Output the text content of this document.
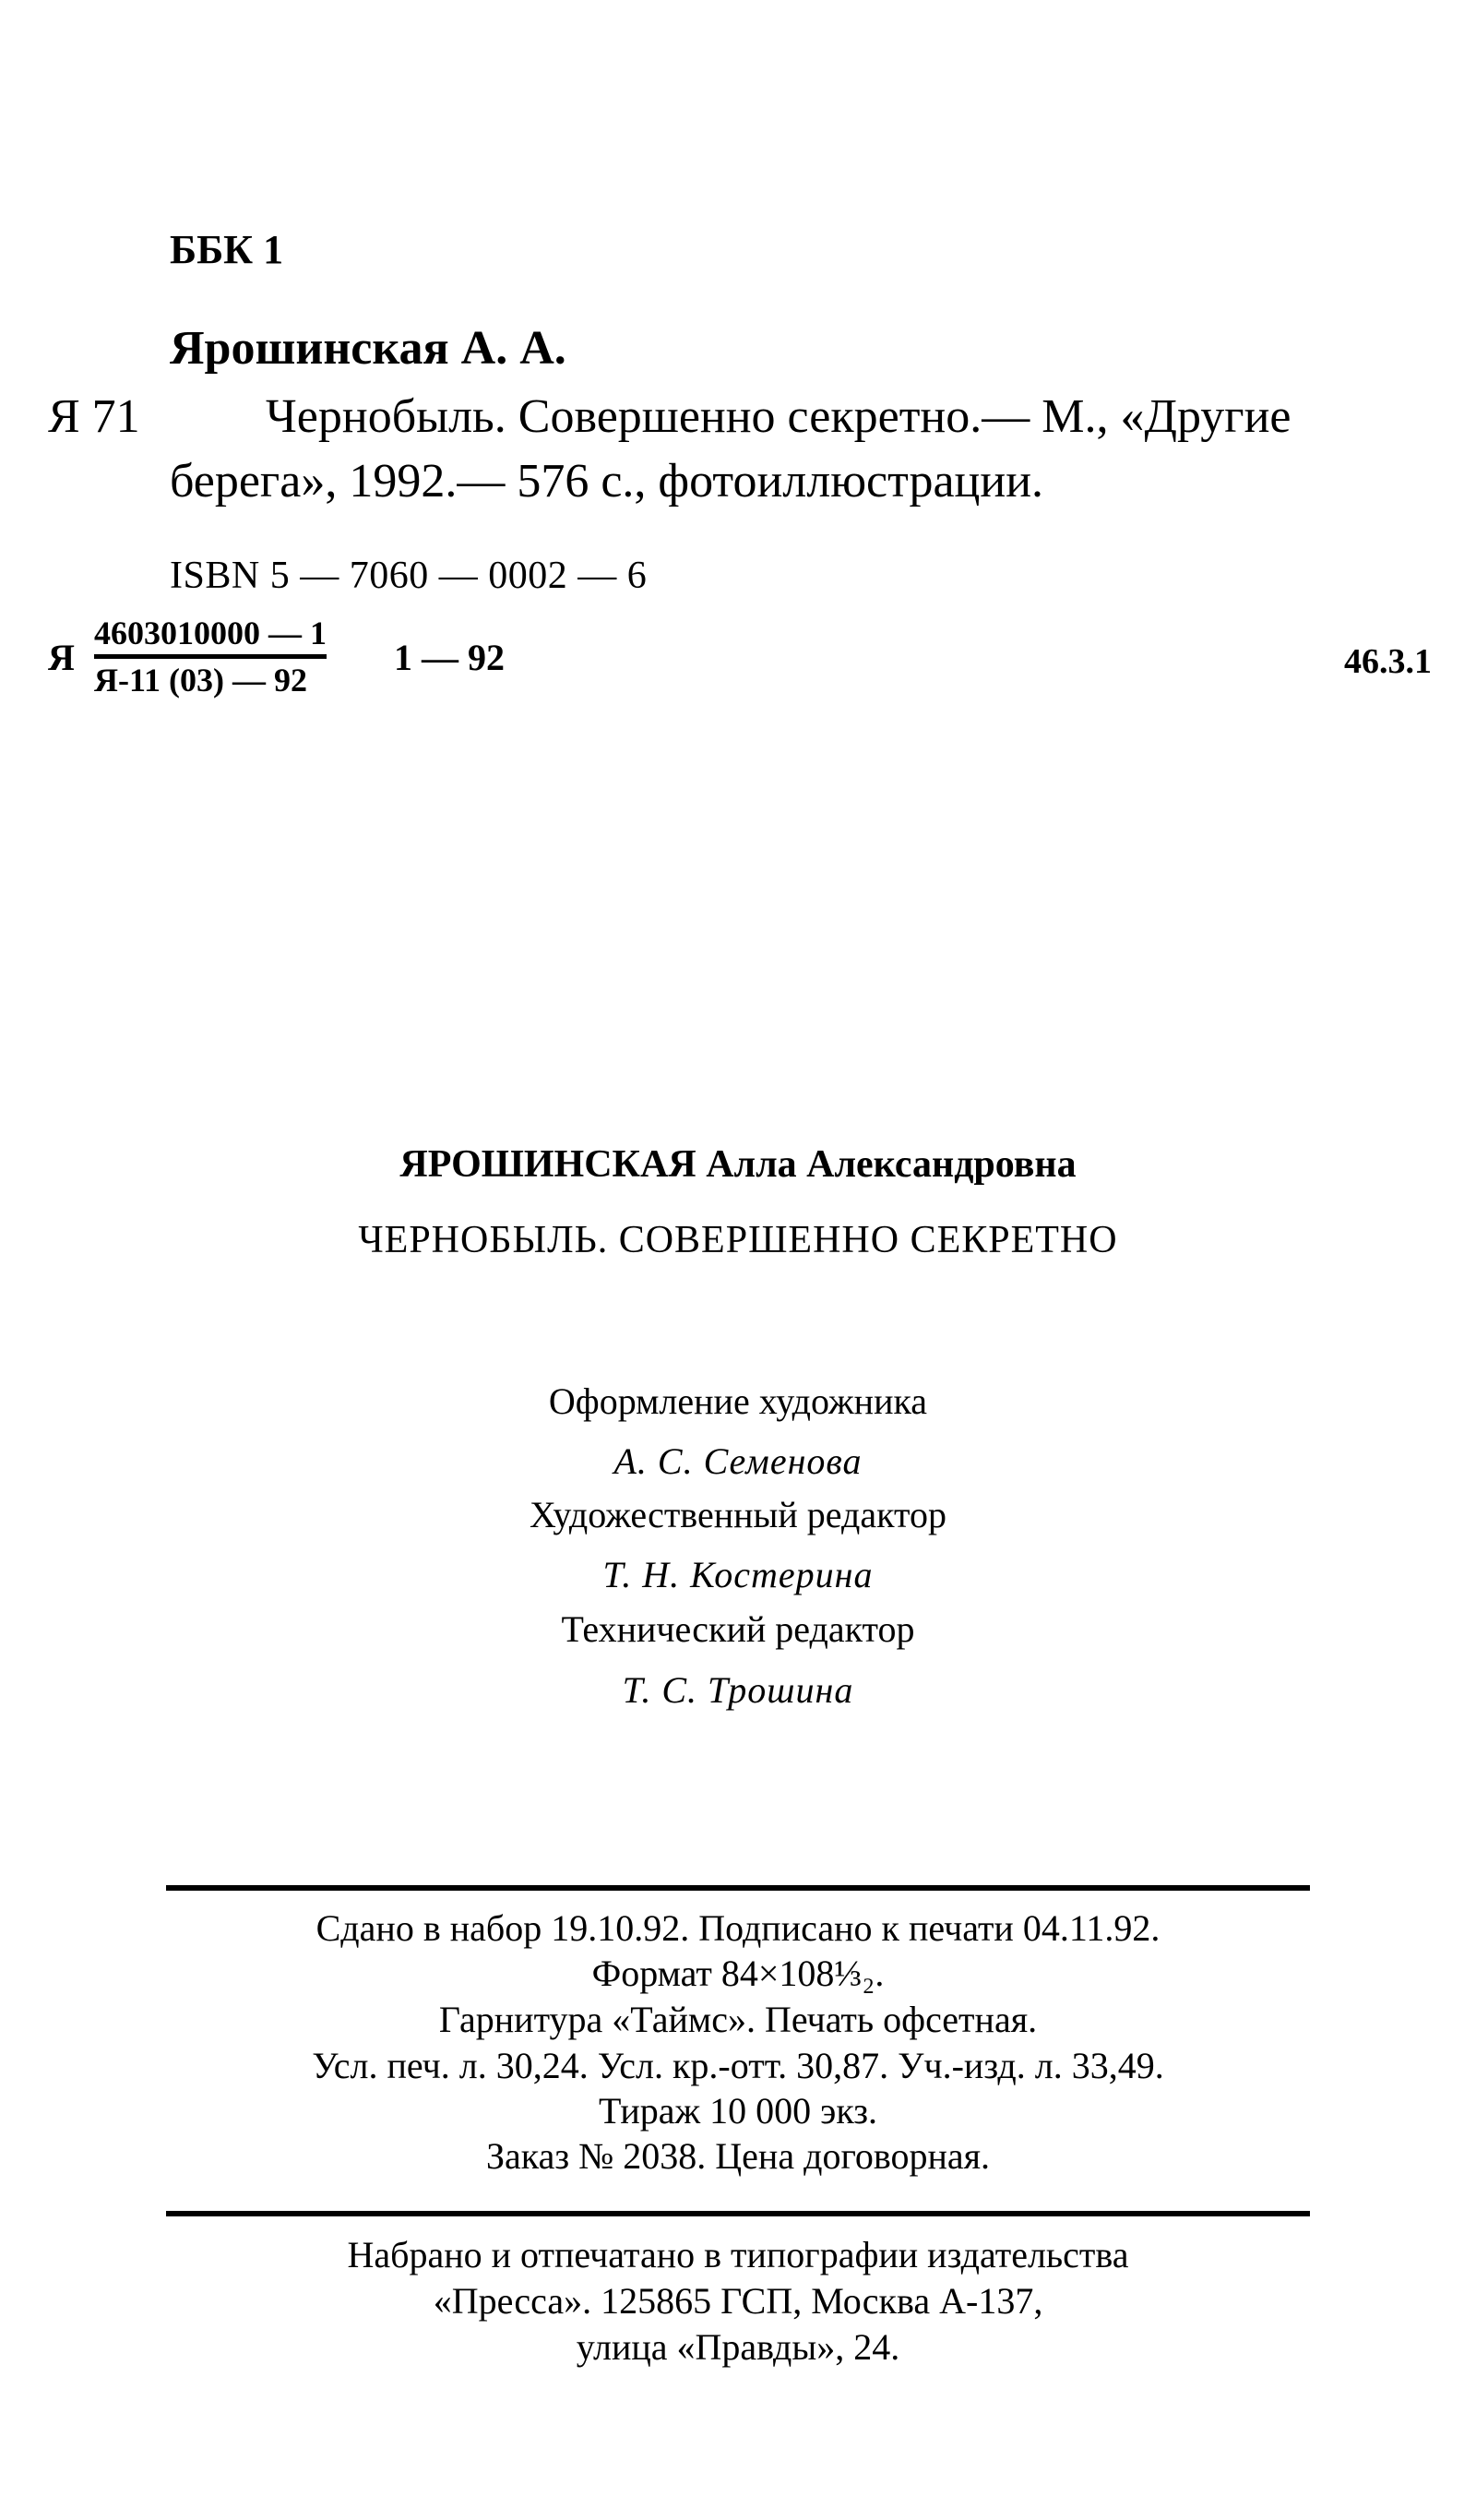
ББК 1
Ярошинская А. А.
Я 71	Чернобыль. Совершенно секретно.— М., «Другие
берега», 1992.— 576 с., фотоиллюстрации.
ISBN 5 — 7060 — 0002 — 6
Я
4603010000 — 1
Я-11 (03) — 92
1 — 92	46.3.1
ЯРОШИНСКАЯ Алла Александровна
ЧЕРНОБЫЛЬ. СОВЕРШЕННО СЕКРЕТНО
Оформление художника
А. С. Семенова
Художественный редактор
Т. Н. Костерина
Технический редактор
Т. С. Трошина
Сдано в набор 19.10.92. Подписано к печати 04.11.92.
Формат 84×108⅓₂.
Гарнитура «Таймс». Печать офсетная.
Усл. печ. л. 30,24. Усл. кр.-отт. 30,87. Уч.-изд. л. 33,49.
Тираж 10 000 экз.
Заказ № 2038. Цена договорная.
Набрано и отпечатано в типографии издательства
«Пресса». 125865 ГСП, Москва А-137,
улица «Правды», 24.
